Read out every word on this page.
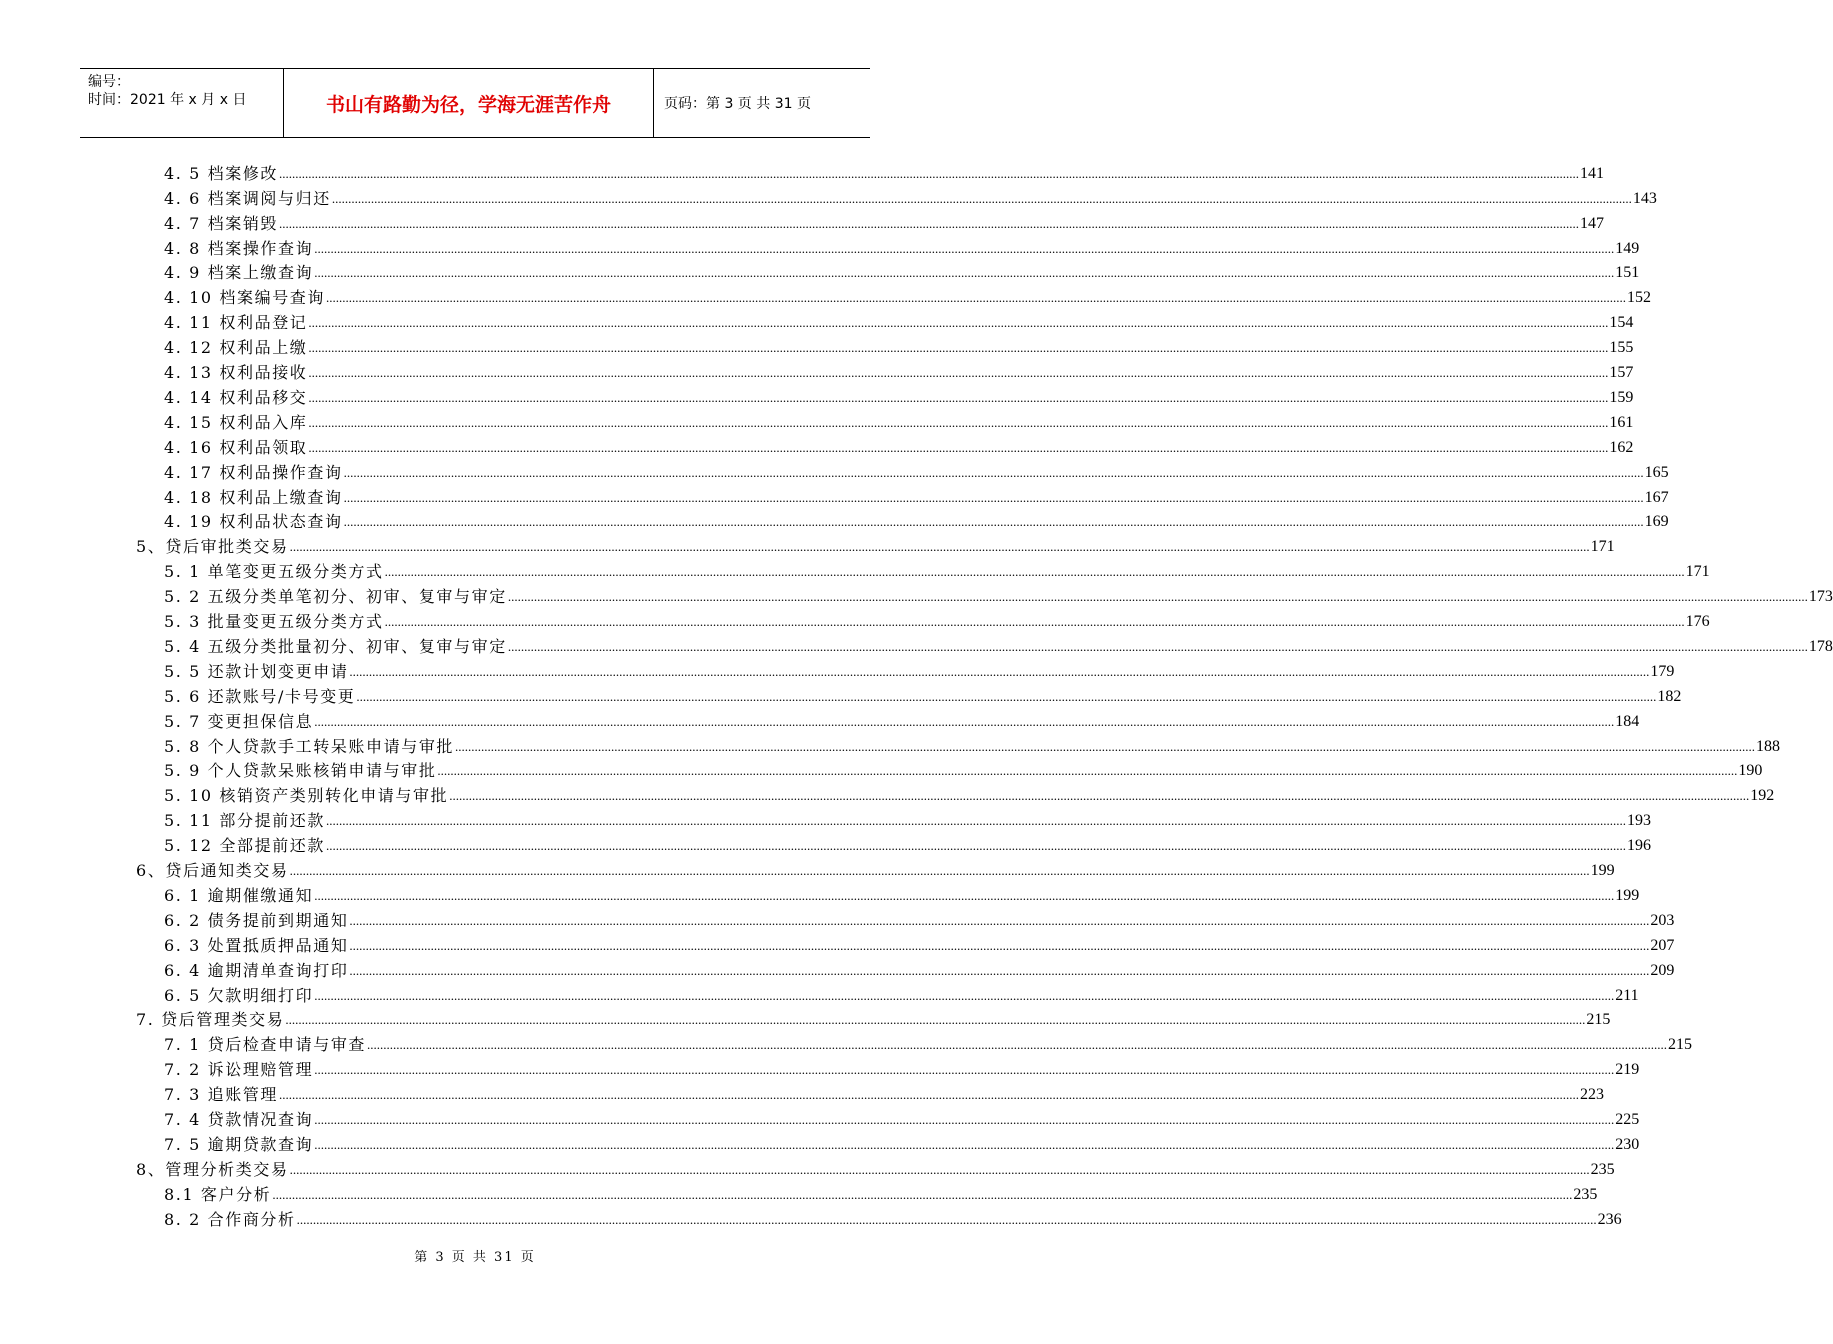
编号：
时间：2021 年 x 月 x 日	书山有路勤为径，学海无涯苦作舟	页码：第 3 页 共 31 页
4. 5 档案修改 ................................................................................................................................................................................................................................................................................................................................................................................................................ 141
4. 6 档案调阅与归还 ................................................................................................................................................................................................................................................................................................................................................................................................................ 143
4. 7 档案销毁 ................................................................................................................................................................................................................................................................................................................................................................................................................ 147
4. 8 档案操作查询 ................................................................................................................................................................................................................................................................................................................................................................................................................ 149
4. 9 档案上缴查询 ................................................................................................................................................................................................................................................................................................................................................................................................................ 151
4. 10 档案编号查询 ................................................................................................................................................................................................................................................................................................................................................................................................................ 152
4. 11 权利品登记 ................................................................................................................................................................................................................................................................................................................................................................................................................ 154
4. 12 权利品上缴 ................................................................................................................................................................................................................................................................................................................................................................................................................ 155
4. 13 权利品接收 ................................................................................................................................................................................................................................................................................................................................................................................................................ 157
4. 14 权利品移交 ................................................................................................................................................................................................................................................................................................................................................................................................................ 159
4. 15 权利品入库 ................................................................................................................................................................................................................................................................................................................................................................................................................ 161
4. 16 权利品领取 ................................................................................................................................................................................................................................................................................................................................................................................................................ 162
4. 17 权利品操作查询 ................................................................................................................................................................................................................................................................................................................................................................................................................ 165
4. 18 权利品上缴查询 ................................................................................................................................................................................................................................................................................................................................................................................................................ 167
4. 19 权利品状态查询 ................................................................................................................................................................................................................................................................................................................................................................................................................ 169
5、贷后审批类交易 ................................................................................................................................................................................................................................................................................................................................................................................................................ 171
5. 1 单笔变更五级分类方式 ................................................................................................................................................................................................................................................................................................................................................................................................................ 171
5. 2 五级分类单笔初分、初审、复审与审定 ................................................................................................................................................................................................................................................................................................................................................................................................................ 173
5. 3 批量变更五级分类方式 ................................................................................................................................................................................................................................................................................................................................................................................................................ 176
5. 4 五级分类批量初分、初审、复审与审定 ................................................................................................................................................................................................................................................................................................................................................................................................................ 178
5. 5 还款计划变更申请 ................................................................................................................................................................................................................................................................................................................................................................................................................ 179
5. 6 还款账号/卡号变更 ................................................................................................................................................................................................................................................................................................................................................................................................................ 182
5. 7 变更担保信息 ................................................................................................................................................................................................................................................................................................................................................................................................................ 184
5. 8 个人贷款手工转呆账申请与审批 ................................................................................................................................................................................................................................................................................................................................................................................................................ 188
5. 9 个人贷款呆账核销申请与审批 ................................................................................................................................................................................................................................................................................................................................................................................................................ 190
5. 10 核销资产类别转化申请与审批 ................................................................................................................................................................................................................................................................................................................................................................................................................ 192
5. 11 部分提前还款 ................................................................................................................................................................................................................................................................................................................................................................................................................ 193
5. 12 全部提前还款 ................................................................................................................................................................................................................................................................................................................................................................................................................ 196
6、贷后通知类交易 ................................................................................................................................................................................................................................................................................................................................................................................................................ 199
6. 1 逾期催缴通知 ................................................................................................................................................................................................................................................................................................................................................................................................................ 199
6. 2 债务提前到期通知 ................................................................................................................................................................................................................................................................................................................................................................................................................ 203
6. 3 处置抵质押品通知 ................................................................................................................................................................................................................................................................................................................................................................................................................ 207
6. 4 逾期清单查询打印 ................................................................................................................................................................................................................................................................................................................................................................................................................ 209
6. 5 欠款明细打印 ................................................................................................................................................................................................................................................................................................................................................................................................................ 211
7. 贷后管理类交易 ................................................................................................................................................................................................................................................................................................................................................................................................................ 215
7. 1 贷后检查申请与审查 ................................................................................................................................................................................................................................................................................................................................................................................................................ 215
7. 2 诉讼理赔管理 ................................................................................................................................................................................................................................................................................................................................................................................................................ 219
7. 3 追账管理 ................................................................................................................................................................................................................................................................................................................................................................................................................ 223
7. 4 贷款情况查询 ................................................................................................................................................................................................................................................................................................................................................................................................................ 225
7. 5 逾期贷款查询 ................................................................................................................................................................................................................................................................................................................................................................................................................ 230
8、管理分析类交易 ................................................................................................................................................................................................................................................................................................................................................................................................................ 235
8.1 客户分析 ................................................................................................................................................................................................................................................................................................................................................................................................................ 235
8. 2 合作商分析 ................................................................................................................................................................................................................................................................................................................................................................................................................ 236
第 3 页 共 31 页
